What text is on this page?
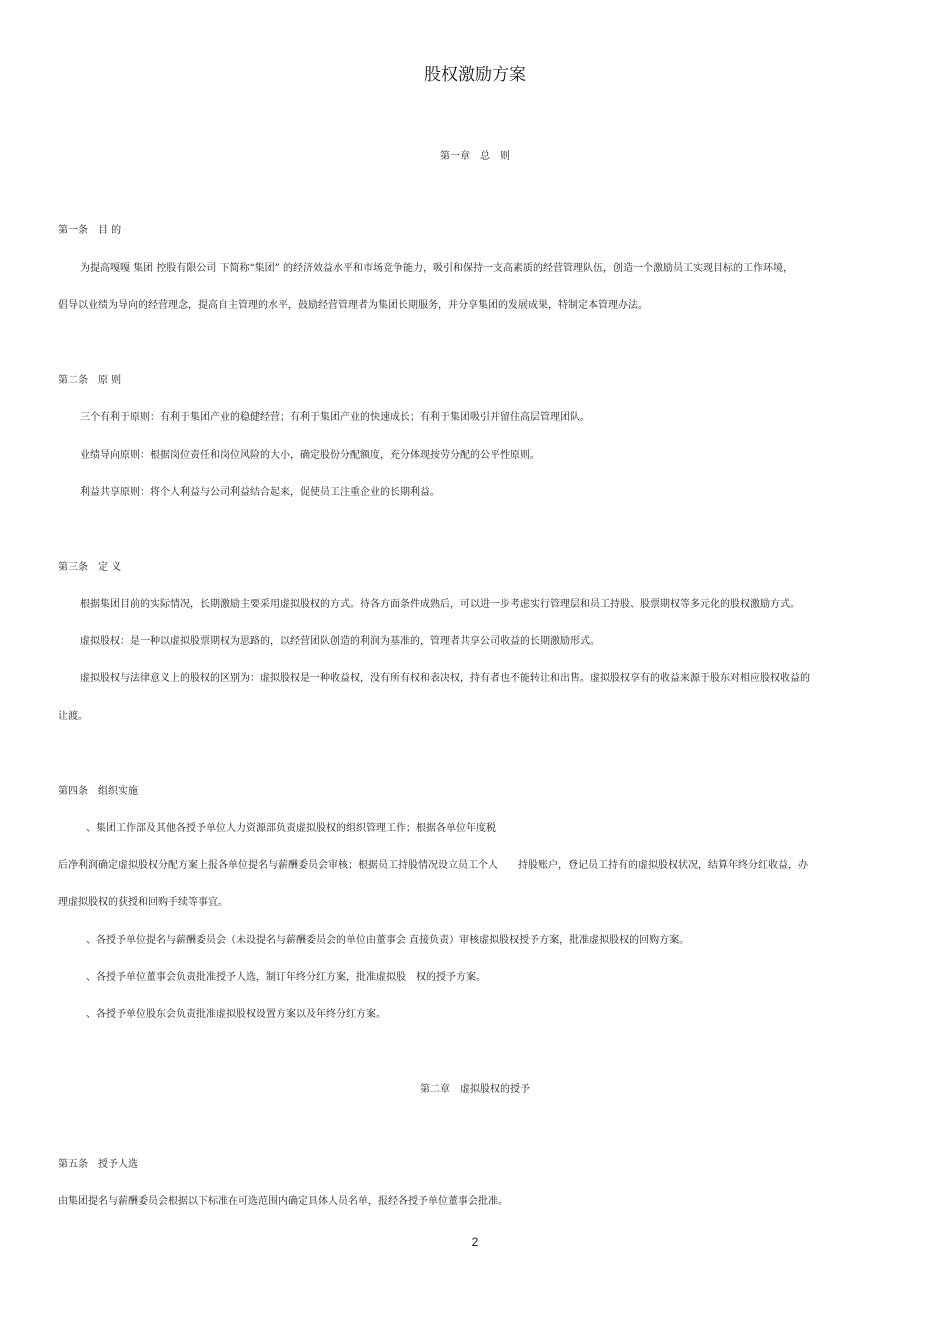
股权激励方案
第一章　总　则
第一条　目 的
为提高嘎嘎 集团 控股有限公司 下简称“集团” 的经济效益水平和市场竞争能力，吸引和保持一支高素质的经营管理队伍，创造一个激励员工实现目标的工作环境，
倡导以业绩为导向的经营理念，提高自主管理的水平，鼓励经营管理者为集团长期服务，并分享集团的发展成果，特制定本管理办法。
第二条　原 则
三个有利于原则：有利于集团产业的稳健经营；有利于集团产业的快速成长；有利于集团吸引并留住高层管理团队。
业绩导向原则：根据岗位责任和岗位风险的大小，确定股份分配额度，充分体现按劳分配的公平性原则。
利益共享原则：将个人利益与公司利益结合起来，促使员工注重企业的长期利益。
第三条　定 义
根据集团目前的实际情况，长期激励主要采用虚拟股权的方式。待各方面条件成熟后，可以进一步考虑实行管理层和员工持股、股票期权等多元化的股权激励方式。
虚拟股权：是一种以虚拟股票期权为思路的，以经营团队创造的利润为基准的，管理者共享公司收益的长期激励形式。
虚拟股权与法律意义上的股权的区别为：虚拟股权是一种收益权，没有所有权和表决权，持有者也不能转让和出售。虚拟股权享有的收益来源于股东对相应股权收益的
让渡。
第四条　组织实施
、集团工作部及其他各授予单位人力资源部负责虚拟股权的组织管理工作；根据各单位年度税
后净利润确定虚拟股权分配方案上报各单位提名与薪酬委员会审核；根据员工持股情况设立员工个人　　持股账户，登记员工持有的虚拟股权状况，结算年终分红收益，办
理虚拟股权的获授和回购手续等事宜。
、各授予单位提名与薪酬委员会（未设提名与薪酬委员会的单位由董事会 直接负责）审核虚拟股权授予方案，批准虚拟股权的回购方案。
、各授予单位董事会负责批准授予人选，制订年终分红方案，批准虚拟股　权的授予方案。
、各授予单位股东会负责批准虚拟股权设置方案以及年终分红方案。
第二章　虚拟股权的授予
第五条　授予人选
由集团提名与薪酬委员会根据以下标准在可选范围内确定具体人员名单，报经各授予单位董事会批准。
2
